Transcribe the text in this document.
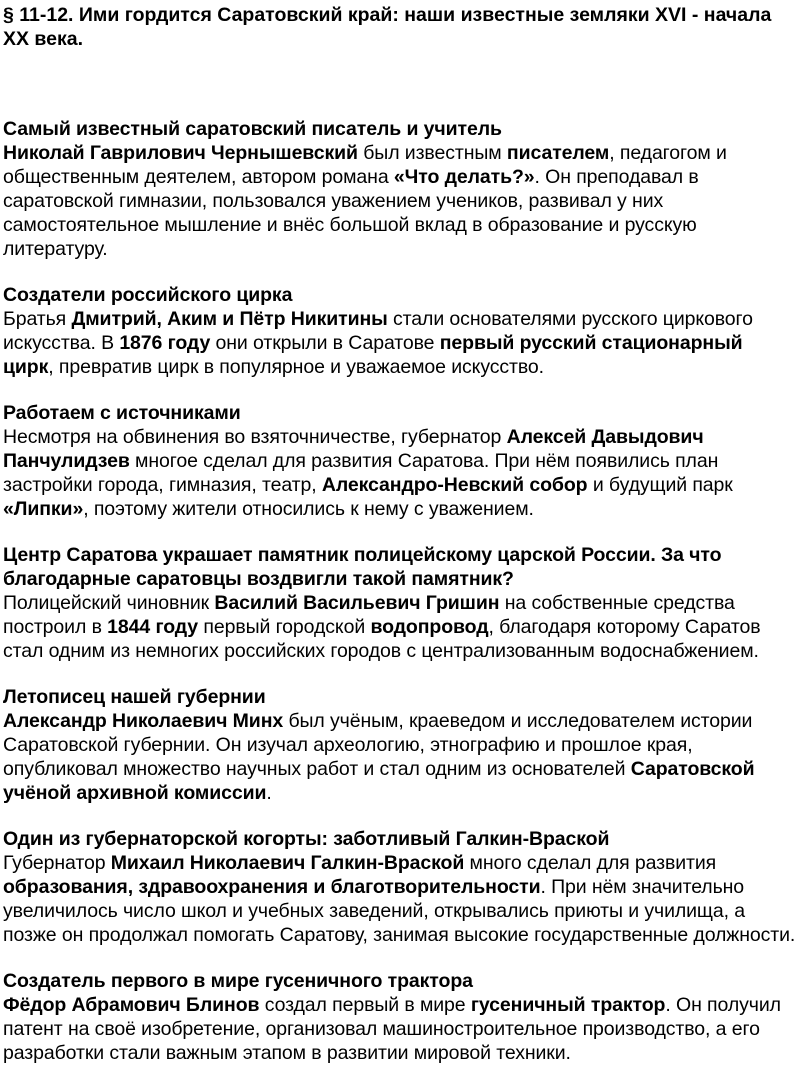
§ 11-12. Ими гордится Саратовский край: наши известные земляки XVI - начала XX века.
Самый известный саратовский писатель и учитель

Николай Гаврилович Чернышевский был известным писателем, педагогом и общественным деятелем, автором романа «Что делать?». Он преподавал в саратовской гимназии, пользовался уважением учеников, развивал у них самостоятельное мышление и внёс большой вклад в образование и русскую литературу.

Создатели российского цирка

Братья Дмитрий, Аким и Пётр Никитины стали основателями русского циркового искусства. В 1876 году они открыли в Саратове первый русский стационарный цирк, превратив цирк в популярное и уважаемое искусство.

Работаем с источниками

Несмотря на обвинения во взяточничестве, губернатор Алексей Давыдович Панчулидзев многое сделал для развития Саратова. При нём появились план застройки города, гимназия, театр, Александро-Невский собор и будущий парк «Липки», поэтому жители относились к нему с уважением.

Центр Саратова украшает памятник полицейскому царской России. За что благодарные саратовцы воздвигли такой памятник?

Полицейский чиновник Василий Васильевич Гришин на собственные средства построил в 1844 году первый городской водопровод, благодаря которому Саратов стал одним из немногих российских городов с централизованным водоснабжением.

Летописец нашей губернии

Александр Николаевич Минх был учёным, краеведом и исследователем истории Саратовской губернии. Он изучал археологию, этнографию и прошлое края, опубликовал множество научных работ и стал одним из основателей Саратовской учёной архивной комиссии.

Один из губернаторской когорты: заботливый Галкин-Враской

Губернатор Михаил Николаевич Галкин-Враской много сделал для развития образования, здравоохранения и благотворительности. При нём значительно увеличилось число школ и учебных заведений, открывались приюты и училища, а позже он продолжал помогать Саратову, занимая высокие государственные должности.

Создатель первого в мире гусеничного трактора

Фёдор Абрамович Блинов создал первый в мире гусеничный трактор. Он получил патент на своё изобретение, организовал машиностроительное производство, а его разработки стали важным этапом в развитии мировой техники.
